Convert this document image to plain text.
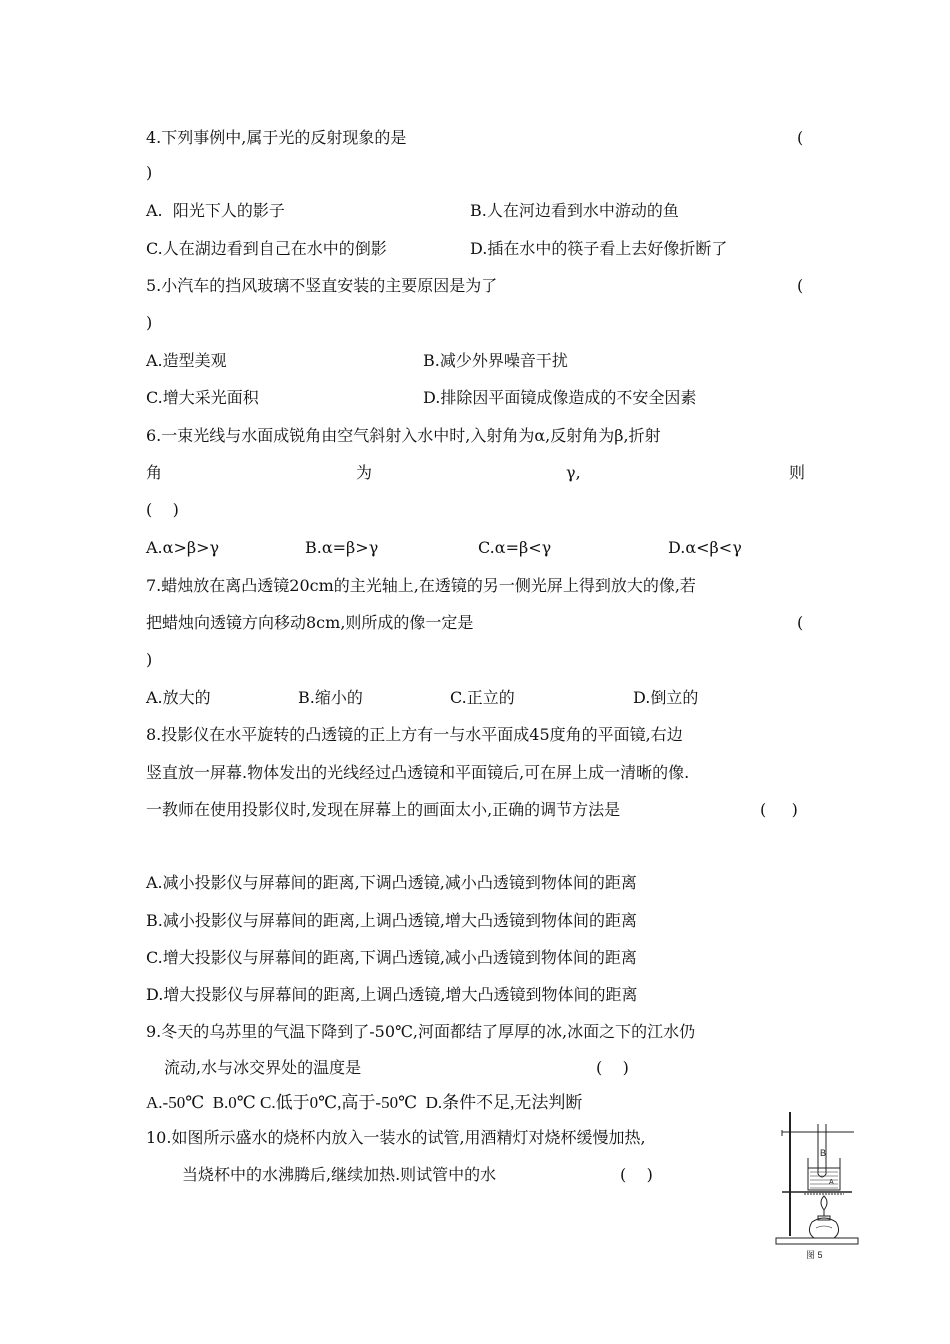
4.下列事例中,属于光的反射现象的是	(
)
A.  阳光下人的影子	B.人在河边看到水中游动的鱼
C.人在湖边看到自己在水中的倒影	D.插在水中的筷子看上去好像折断了
5.小汽车的挡风玻璃不竖直安装的主要原因是为了	(
)
A.造型美观	B.减少外界噪音干扰
C.增大采光面积	D.排除因平面镜成像造成的不安全因素
6.一束光线与水面成锐角由空气斜射入水中时,入射角为α,反射角为β,折射
角	为	γ,	则
(    )
A.α>β>γ	B.α=β>γ	C.α=β<γ	D.α<β<γ
7.蜡烛放在离凸透镜20cm的主光轴上,在透镜的另一侧光屏上得到放大的像,若
把蜡烛向透镜方向移动8cm,则所成的像一定是	(
)
A.放大的	B.缩小的	C.正立的	D.倒立的
8.投影仪在水平旋转的凸透镜的正上方有一与水平面成45度角的平面镜,右边
竖直放一屏幕.物体发出的光线经过凸透镜和平面镜后,可在屏上成一清晰的像.
一教师在使用投影仪时,发现在屏幕上的画面太小,正确的调节方法是	(     )
A.减小投影仪与屏幕间的距离,下调凸透镜,减小凸透镜到物体间的距离
B.减小投影仪与屏幕间的距离,上调凸透镜,增大凸透镜到物体间的距离
C.增大投影仪与屏幕间的距离,下调凸透镜,减小凸透镜到物体间的距离
D.增大投影仪与屏幕间的距离,上调凸透镜,增大凸透镜到物体间的距离
9.冬天的乌苏里的气温下降到了-50℃,河面都结了厚厚的冰,冰面之下的江水仍
流动,水与冰交界处的温度是	(    )
A.-50℃  B.0℃ C.低于0℃,高于-50℃  D.条件不足,无法判断
10.如图所示盛水的烧杯内放入一装水的试管,用酒精灯对烧杯缓慢加热,
当烧杯中的水沸腾后,继续加热.则试管中的水	(    )
B
A
图 5
